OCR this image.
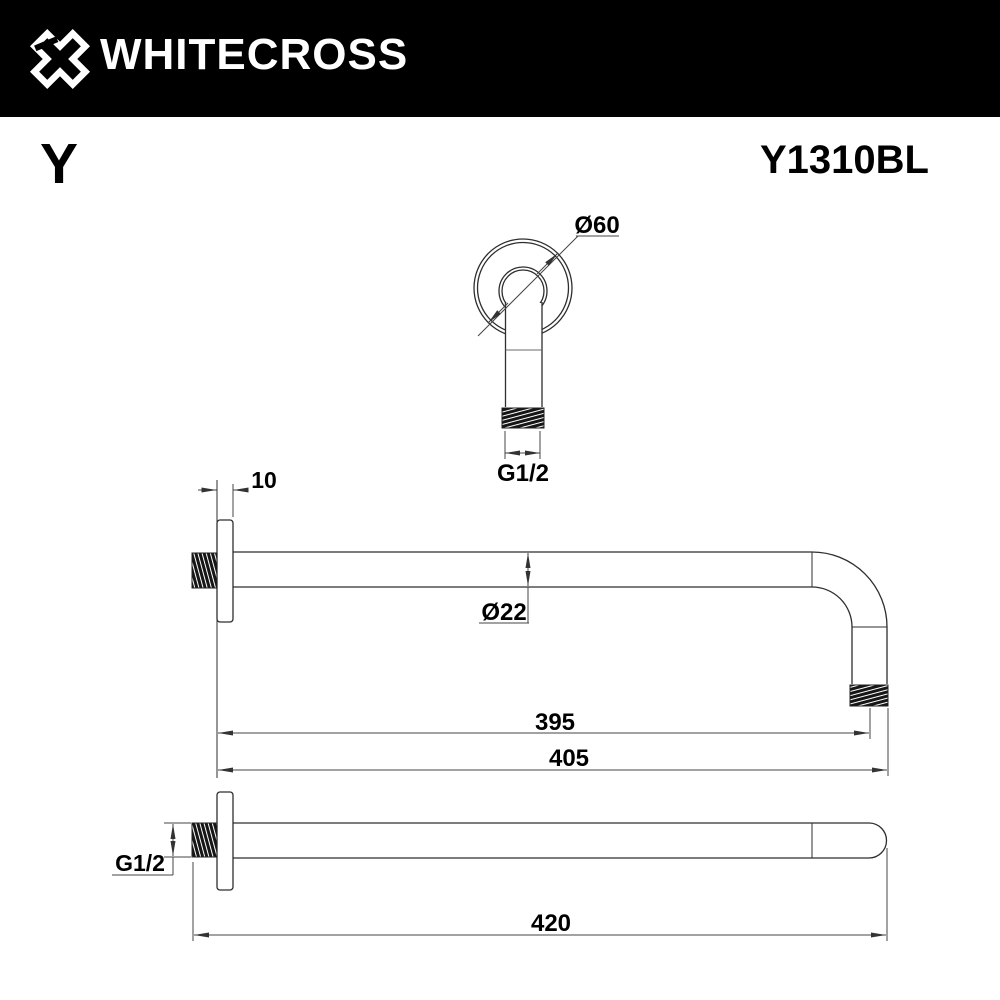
WHITECROSS
Y	Y1310BL
Ø60
G1/2
10
Ø22
395
405
G1/2
420
